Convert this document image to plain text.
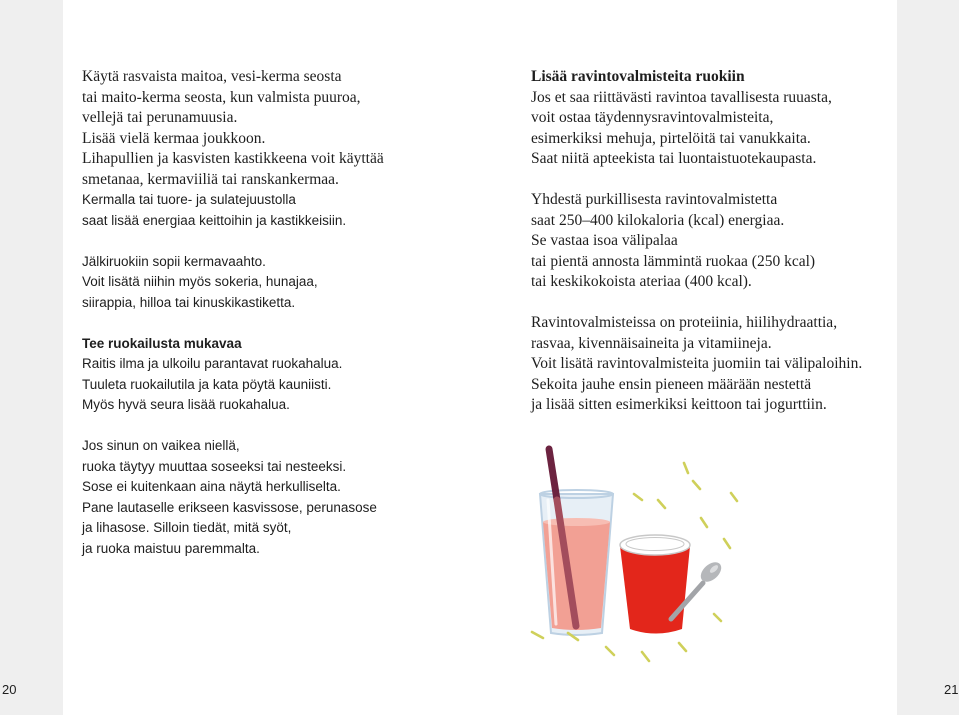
Käytä rasvaista maitoa, vesi-kerma seosta
tai maito-kerma seosta, kun valmista puuroa,
vellejä tai perunamuusia.
Lisää vielä kermaa joukkoon.
Lihapullien ja kasvisten kastikkeena voit käyttää
smetanaa, kermaviiliä tai ranskankermaa.
Kermalla tai tuore- ja sulatejuustolla
saat lisää energiaa keittoihin ja kastikkeisiin.
Jälkiruokiin sopii kermavaahto.
Voit lisätä niihin myös sokeria, hunajaa,
siirappia, hilloa tai kinuskikastiketta.
Tee ruokailusta mukavaa
Raitis ilma ja ulkoilu parantavat ruokahalua.
Tuuleta ruokailutila ja kata pöytä kauniisti.
Myös hyvä seura lisää ruokahalua.
Jos sinun on vaikea niellä,
ruoka täytyy muuttaa soseeksi tai nesteeksi.
Sose ei kuitenkaan aina näytä herkulliselta.
Pane lautaselle erikseen kasvissose, perunasose
ja lihasose. Silloin tiedät, mitä syöt,
ja ruoka maistuu paremmalta.
Lisää ravintovalmisteita ruokiin
Jos et saa riittävästi ravintoa tavallisesta ruuasta,
voit ostaa täydennysravintovalmisteita,
esimerkiksi mehuja, pirtelöitä tai vanukkaita.
Saat niitä apteekista tai luontaistuotekaupasta.
Yhdestä purkillisesta ravintovalmistetta
saat 250–400 kilokaloria (kcal) energiaa.
Se vastaa isoa välipalaa
tai pientä annosta lämmintä ruokaa (250 kcal)
tai keskikokoista ateriaa (400 kcal).
Ravintovalmisteissa on proteiinia, hiilihydraattia,
rasvaa, kivennäisaineita ja vitamiineja.
Voit lisätä ravintovalmisteita juomiin tai välipaloihin.
Sekoita jauhe ensin pieneen määrään nestettä
ja lisää sitten esimerkiksi keittoon tai jogurttiin.
20	21
